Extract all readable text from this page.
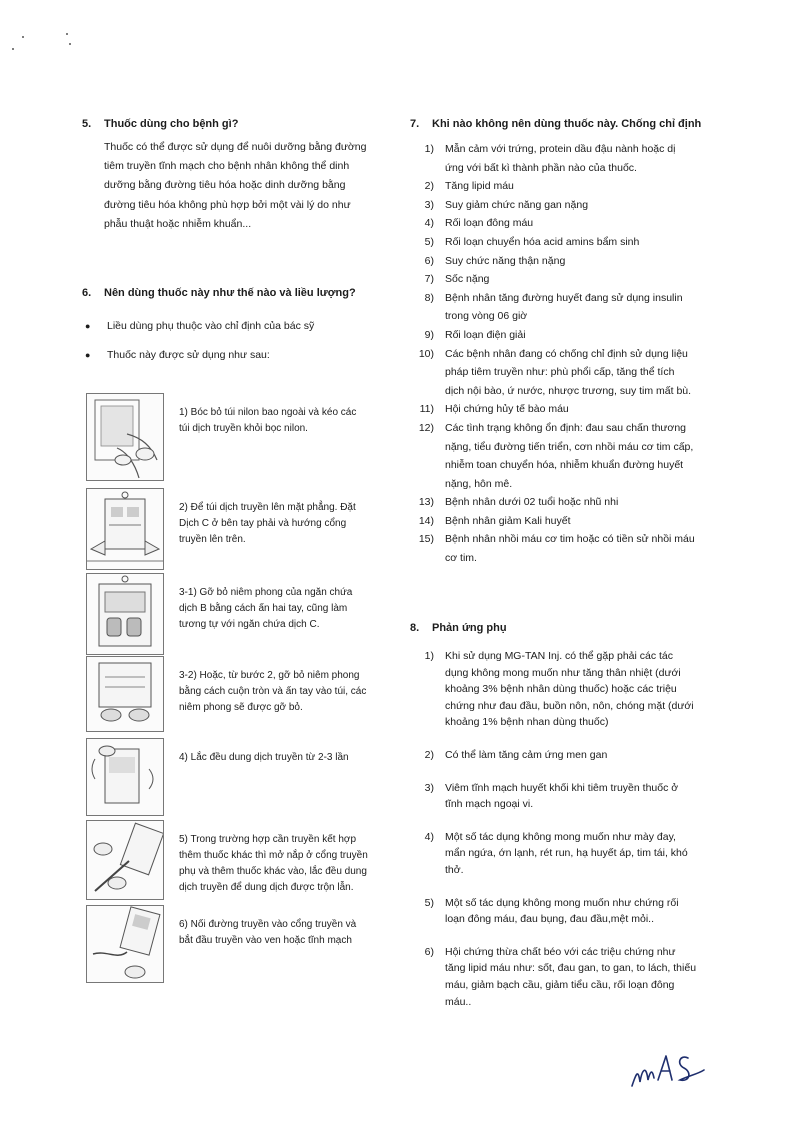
5.	Thuốc dùng cho bệnh gì?

Thuốc có thể được sử dụng để nuôi dưỡng bằng đường

tiêm truyền tĩnh mạch cho bệnh nhân không thể dinh

dưỡng bằng đường tiêu hóa hoặc dinh dưỡng bằng

đường tiêu hóa không phù hợp bởi một vài lý do như

phẫu thuật hoặc nhiễm khuẩn...

6.	Nên dùng thuốc này như thế nào và liều lượng?

●	Liều dùng phụ thuộc vào chỉ định của bác sỹ
●	Thuốc này được sử dụng như sau:
1) Bóc bỏ túi nilon bao ngoài và kéo các
túi dịch truyền khỏi bọc nilon.
2) Để túi dịch truyền lên mặt phẳng. Đặt
Dịch C ở bên tay phải và hướng cổng
truyền lên trên.
3-1) Gỡ bỏ niêm phong của ngăn chứa
dịch B bằng cách ấn hai tay, cũng làm
tương tự với ngăn chứa dịch C.
3-2) Hoặc, từ bước 2, gỡ bỏ niêm phong
bằng cách cuộn tròn và ấn tay vào túi, các
niêm phong sẽ được gỡ bỏ.
4) Lắc đều dung dịch truyền từ 2-3 lần
5) Trong trường hợp cần truyền kết hợp
thêm thuốc khác thì mở nắp ở cổng truyền
phụ và thêm thuốc khác vào, lắc đều dung
dịch truyền để dung dịch được trộn lẫn.
6) Nối đường truyền vào cổng truyền và
bắt đầu truyền vào ven hoặc tĩnh mạch

7.	Khi nào không nên dùng thuốc này. Chống chỉ định

1)	Mẫn cảm với trứng, protein dầu đậu nành hoặc dị
ứng với bất kì thành phần nào của thuốc.
2)	Tăng lipid máu
3)	Suy giảm chức năng gan nặng
4)	Rối loạn đông máu
5)	Rối loạn chuyển hóa acid amins bẩm sinh
6)	Suy chức năng thận nặng
7)	Sốc nặng
8)	Bệnh nhân tăng đường huyết đang sử dụng insulin
trong vòng 06 giờ
9)	Rối loạn điện giải
10)	Các bệnh nhân đang có chống chỉ định sử dụng liệu
pháp tiêm truyền như: phù phổi cấp, tăng thể tích
dịch nội bào, ứ nước, nhược trương, suy tim mất bù.
11)	Hội chứng hủy tế bào máu
12)	Các tình trạng không ổn định: đau sau chấn thương
nặng, tiểu đường tiến triển, cơn nhồi máu cơ tim cấp,
nhiễm toan chuyển hóa, nhiễm khuẩn đường huyết
nặng, hôn mê.
13)	Bệnh nhân dưới 02 tuổi hoặc nhũ nhi
14)	Bệnh nhân giảm Kali huyết
15)	Bệnh nhân nhồi máu cơ tim hoặc có tiền sử nhồi máu
cơ tim.

8.	Phản ứng phụ

1)	Khi sử dụng MG-TAN Inj. có thể gặp phải các tác
dụng không mong muốn như tăng thân nhiệt (dưới
khoảng 3% bệnh nhân dùng thuốc) hoặc các triệu
chứng như đau đầu, buồn nôn, nôn, chóng mặt (dưới
khoảng 1% bệnh nhan dùng thuốc)
2)	Có thể làm tăng cảm ứng men gan
3)	Viêm tĩnh mạch huyết khối khi tiêm truyền thuốc ở
tĩnh mạch ngoại vi.
4)	Một số tác dụng không mong muốn như mày đay,
mẩn ngứa, ớn lạnh, rét run, hạ huyết áp, tim tái, khó
thở.
5)	Một số tác dụng không mong muốn như chứng rối
loạn đông máu, đau bụng, đau đầu,mệt mỏi..
6)	Hội chứng thừa chất béo với các triệu chứng như
tăng lipid máu như: sốt, đau gan, to gan, to lách, thiếu
máu, giảm bạch cầu, giảm tiểu cầu, rối loạn đông
máu..
